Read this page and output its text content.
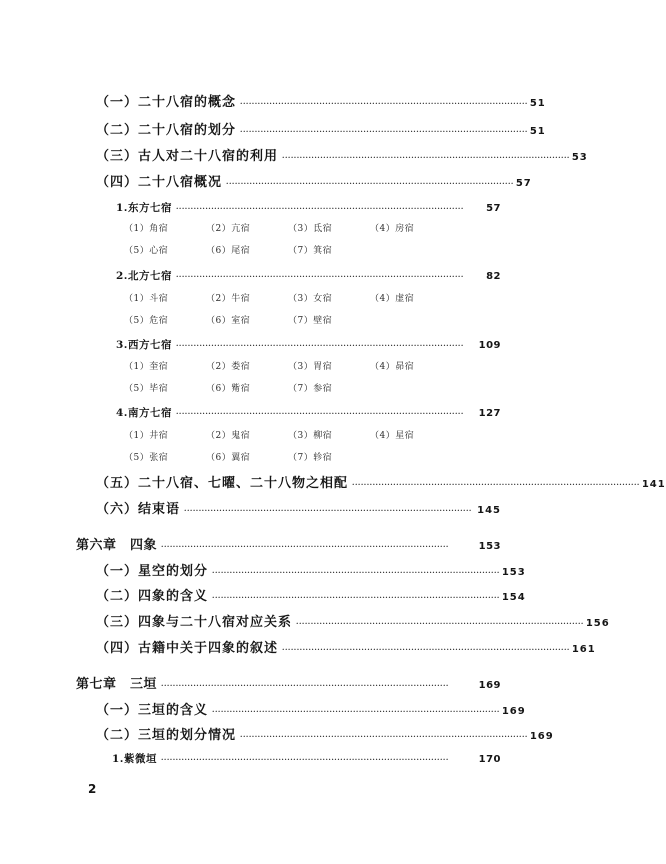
（一）二十八宿的概念 ·································································································· 51
（二）二十八宿的划分 ·································································································· 51
（三）古人对二十八宿的利用 ·································································································· 53
（四）二十八宿概况 ·································································································· 57
1.东方七宿 ··································································································	57
（1）角宿	（2）亢宿	（3）氐宿	（4）房宿
（5）心宿	（6）尾宿	（7）箕宿
2.北方七宿 ··································································································	82
（1）斗宿	（2）牛宿	（3）女宿	（4）虚宿
（5）危宿	（6）室宿	（7）壁宿
3.西方七宿 ··································································································	109
（1）奎宿	（2）娄宿	（3）胃宿	（4）昴宿
（5）毕宿	（6）觜宿	（7）参宿
4.南方七宿 ··································································································	127
（1）井宿	（2）鬼宿	（3）柳宿	（4）星宿
（5）张宿	（6）翼宿	（7）轸宿
（五）二十八宿、七曜、二十八物之相配 ·································································································· 141
（六）结束语 ·································································································· 145
第六章　四象 ··································································································	153
（一）星空的划分 ·································································································· 153
（二）四象的含义 ·································································································· 154
（三）四象与二十八宿对应关系 ·································································································· 156
（四）古籍中关于四象的叙述 ·································································································· 161
第七章　三垣 ··································································································	169
（一）三垣的含义 ·································································································· 169
（二）三垣的划分情况 ·································································································· 169
1.紫微垣 ··································································································	170
2
